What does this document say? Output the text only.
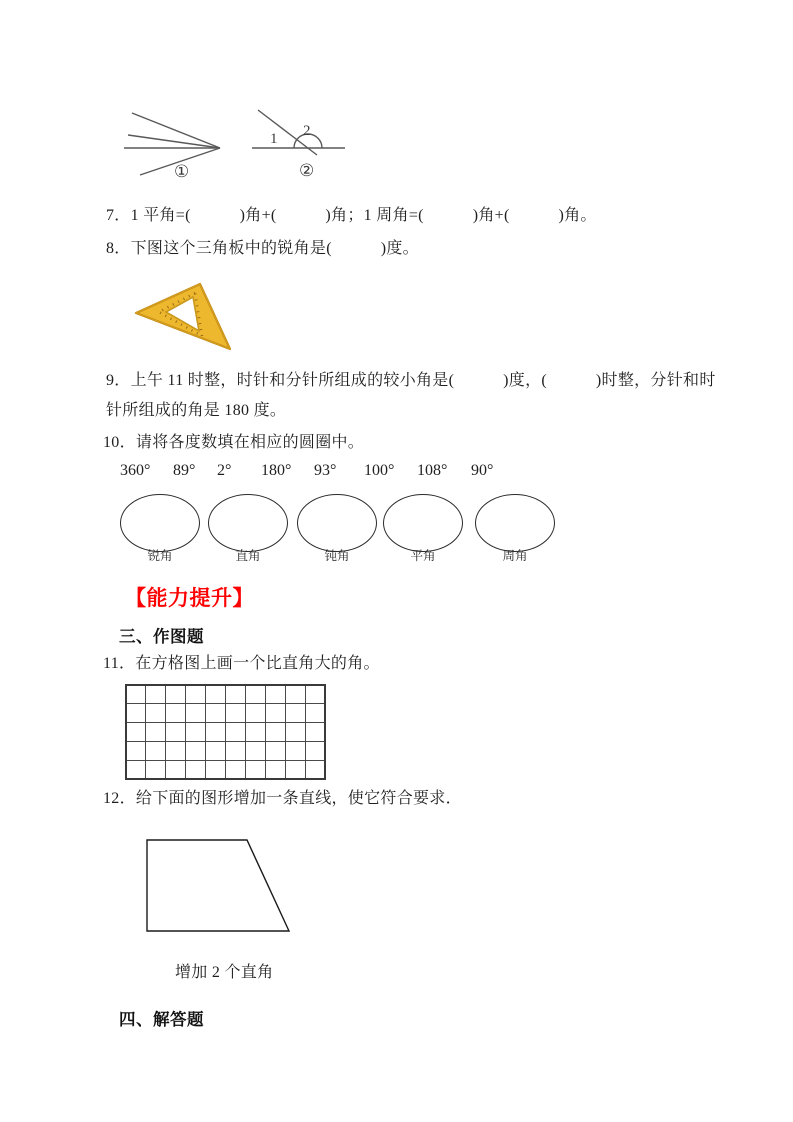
①
1 2
②
7．1 平角=(　　　)角+(　　　)角；1 周角=(　　　)角+(　　　)角。
8．下图这个三角板中的锐角是(　　　)度。
9．上午 11 时整，时针和分针所组成的较小角是(　　　)度，(　　　)时整，分针和时
针所组成的角是 180 度。
10．请将各度数填在相应的圆圈中。
360° 89° 2° 180° 93° 100° 108° 90°
锐角	直角	钝角	平角	周角
【能力提升】
三、作图题
11．在方格图上画一个比直角大的角。
12．给下面的图形增加一条直线，使它符合要求．
增加 2 个直角
四、解答题
